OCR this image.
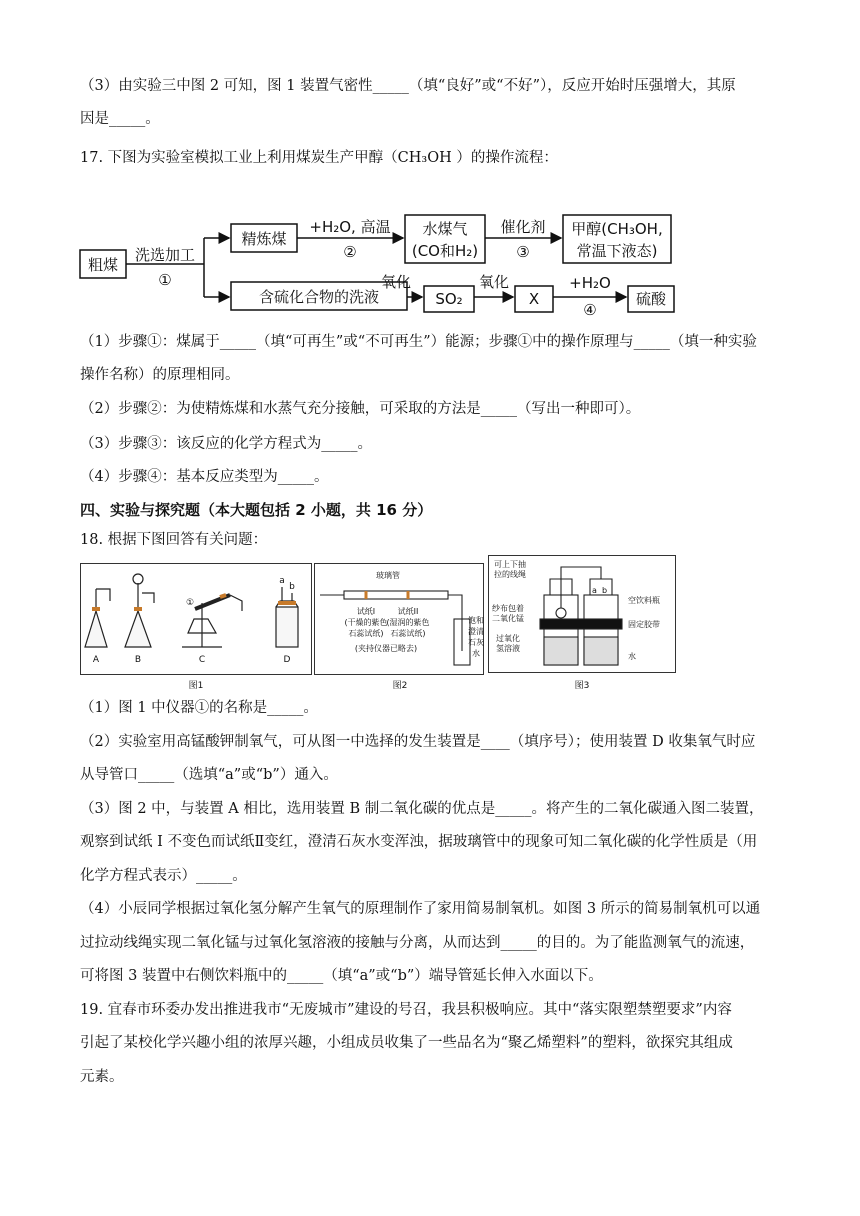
（3）由实验三中图 2 可知，图 1 装置气密性_____（填“良好”或“不好”），反应开始时压强增大，其原
因是_____。
17. 下图为实验室模拟工业上利用煤炭生产甲醇（CH₃OH ）的操作流程：
粗煤
洗选加工
①
精炼煤
+H₂O, 高温
②
水煤气
(CO和H₂)
催化剂
③
甲醇(CH₃OH,
常温下液态)
含硫化合物的洗液
氧化
SO₂
氧化
X
+H₂O
④
硫酸
（1）步骤①：煤属于_____（填“可再生”或“不可再生”）能源；步骤①中的操作原理与_____（填一种实验
操作名称）的原理相同。
（2）步骤②：为使精炼煤和水蒸气充分接触，可采取的方法是_____（写出一种即可）。
（3）步骤③：该反应的化学方程式为_____。
（4）步骤④：基本反应类型为_____。
四、实验与探究题（本大题包括 2 小题，共 16 分）
18. 根据下图回答有关问题：
A	B	C	D
①
a
b
玻璃管
试纸I
(干燥的紫色
石蕊试纸)
试纸II
(湿润的紫色
石蕊试纸)
(夹持仪器已略去)
饱和
澄清
石灰
水
可上下抽
拉的线绳
纱布包着
二氧化锰
过氧化
氢溶液
空饮料瓶
固定胶带
水
a b
图1	图2	图3
（1）图 1 中仪器①的名称是_____。
（2）实验室用高锰酸钾制氧气，可从图一中选择的发生装置是____（填序号）；使用装置 D 收集氧气时应
从导管口_____（选填“a”或“b”）通入。
（3）图 2 中，与装置 A 相比，选用装置 B 制二氧化碳的优点是_____。将产生的二氧化碳通入图二装置，
观察到试纸 I 不变色而试纸Ⅱ变红，澄清石灰水变浑浊，据玻璃管中的现象可知二氧化碳的化学性质是（用
化学方程式表示）_____。
（4）小辰同学根据过氧化氢分解产生氧气的原理制作了家用简易制氧机。如图 3 所示的简易制氧机可以通
过拉动线绳实现二氧化锰与过氧化氢溶液的接触与分离，从而达到_____的目的。为了能监测氧气的流速，
可将图 3 装置中右侧饮料瓶中的_____（填“a”或“b”）端导管延长伸入水面以下。
19. 宜春市环委办发出推进我市“无废城市”建设的号召，我县积极响应。其中“落实限塑禁塑要求”内容
引起了某校化学兴趣小组的浓厚兴趣，小组成员收集了一些品名为“聚乙烯塑料”的塑料，欲探究其组成
元素。
